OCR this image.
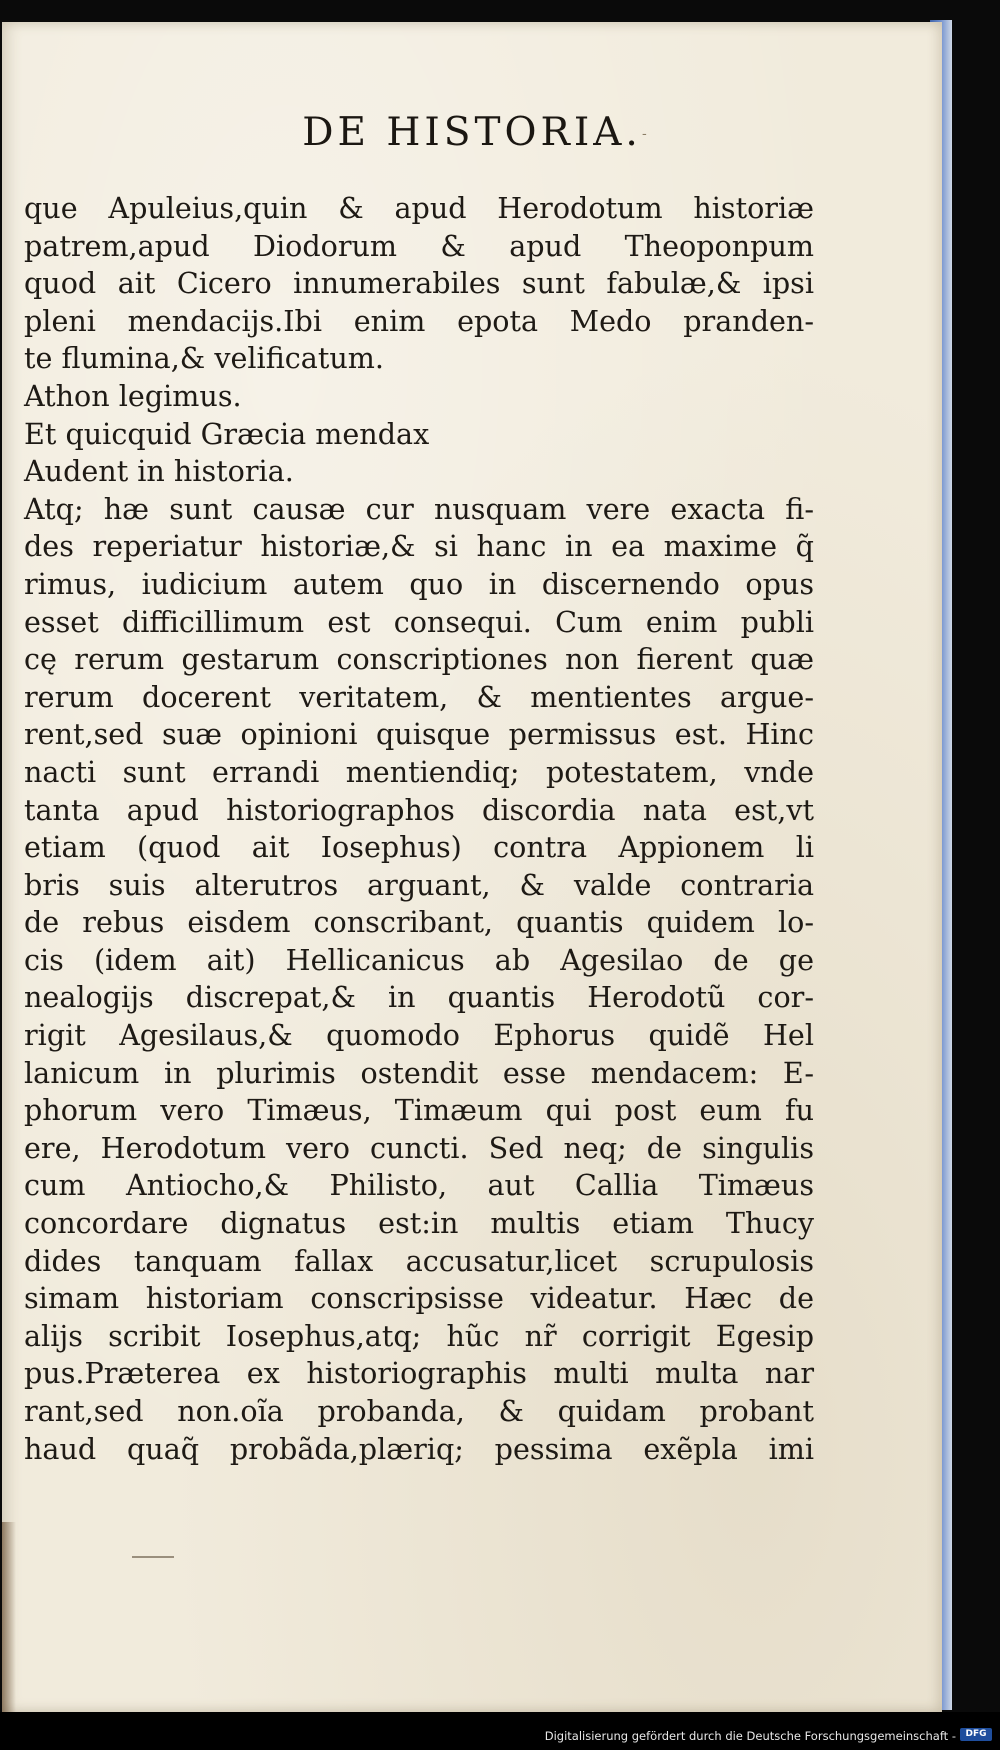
DE HISTORIA. -
que Apuleius,quin & apud Herodotum historiæ
patrem,apud Diodorum & apud Theoponpum
quod ait Cicero innumerabiles sunt fabulæ,& ipsi
pleni mendacijs.Ibi enim epota Medo pranden-
te flumina,& velificatum.
Athon legimus.
Et quicquid Græcia mendax
Audent in historia.
Atq; hæ sunt causæ cur nusquam vere exacta fi-
des reperiatur historiæ,& si hanc in ea maxime q̃
rimus, iudicium autem quo in discernendo opus
esset difficillimum est consequi. Cum enim publi
cę rerum gestarum conscriptiones non fierent quæ
rerum docerent veritatem, & mentientes argue-
rent,sed suæ opinioni quisque permissus est. Hinc
nacti sunt errandi mentiendiq; potestatem, vnde
tanta apud historiographos discordia nata est,vt
etiam (quod ait Iosephus) contra Appionem li
bris suis alterutros arguant, & valde contraria
de rebus eisdem conscribant, quantis quidem lo-
cis (idem ait) Hellicanicus ab Agesilao de ge
nealogijs discrepat,& in quantis Herodotũ cor-
rigit Agesilaus,& quomodo Ephorus quidẽ Hel
lanicum in plurimis ostendit esse mendacem: E-
phorum vero Timæus, Timæum qui post eum fu
ere, Herodotum vero cuncti. Sed neq; de singulis
cum Antiocho,& Philisto, aut Callia Timæus
concordare dignatus est:in multis etiam Thucy
dides tanquam fallax accusatur,licet scrupulosis
simam historiam conscripsisse videatur. Hæc de
alijs scribit Iosephus,atq; hũc nr̃ corrigit Egesip
pus.Præterea ex historiographis multi multa nar
rant,sed non.oĩa probanda, & quidam probant
haud quaq̃ probãda,plæriq; pessima exẽpla imi
Digitalisierung gefördert durch die Deutsche Forschungsgemeinschaft -	DFG
